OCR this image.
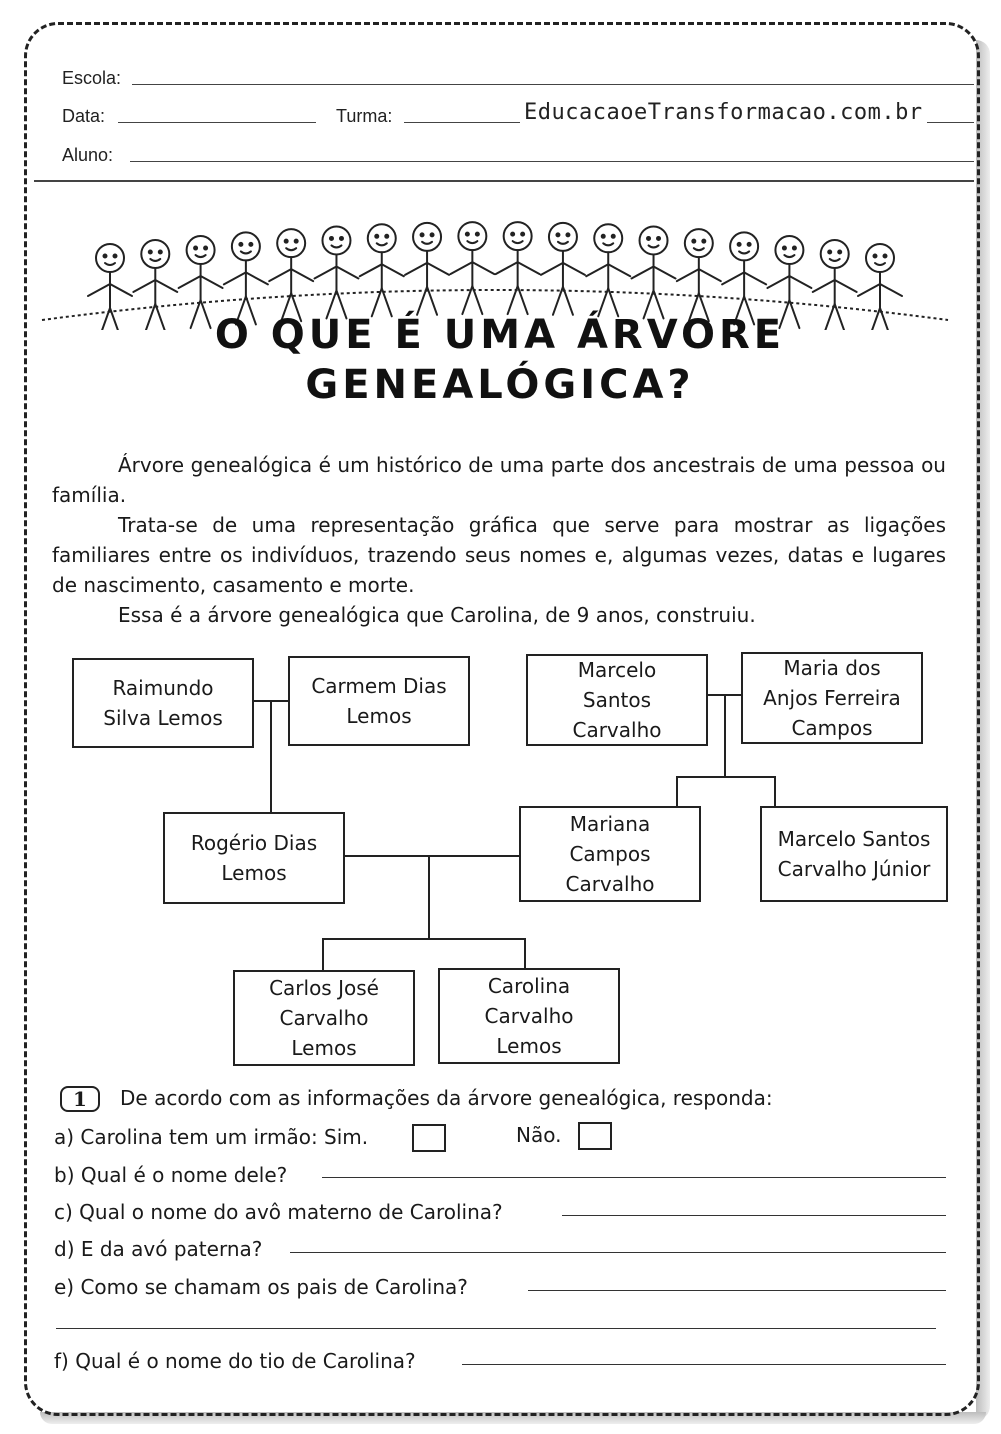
Escola:
Data:	Turma:	EducacaoeTransformacao.com.br
Aluno:
O QUE É UMA ÁRVORE
GENEALÓGICA?
Árvore genealógica é um histórico de uma parte dos ancestrais de uma pessoa ou família.
Trata-se de uma representação gráfica que serve para mostrar as ligações familiares entre os indivíduos, trazendo seus nomes e, algumas vezes, datas e lugares de nascimento, casamento e morte.
Essa é a árvore genealógica que Carolina, de 9 anos, construiu.
Raimundo
Silva Lemos
Carmem Dias
Lemos
Marcelo
Santos
Carvalho
Maria dos
Anjos Ferreira
Campos
Rogério Dias
Lemos
Mariana
Campos
Carvalho
Marcelo Santos
Carvalho Júnior
Carlos José
Carvalho
Lemos
Carolina
Carvalho
Lemos
1	De acordo com as informações da árvore genealógica, responda:
a) Carolina tem um irmão: Sim.	Não.
b) Qual é o nome dele?
c) Qual o nome do avô materno de Carolina?
d) E da avó paterna?
e) Como se chamam os pais de Carolina?
f) Qual é o nome do tio de Carolina?
